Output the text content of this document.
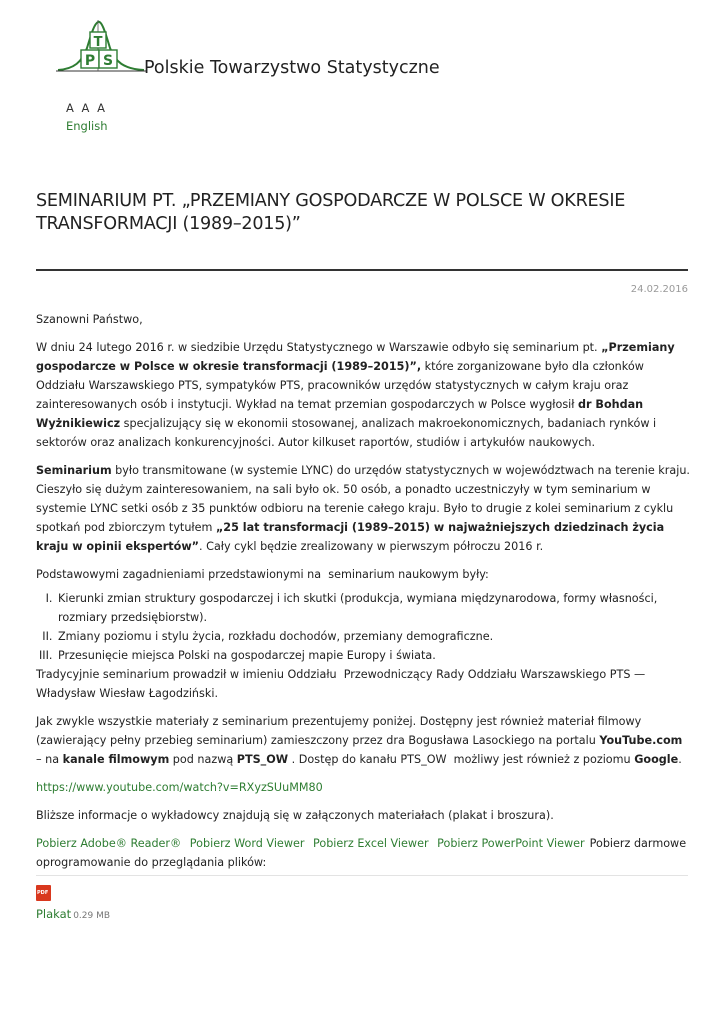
T
P S Polskie Towarzystwo Statystyczne
A A A
English
SEMINARIUM PT. „PRZEMIANY GOSPODARCZE W POLSCE W OKRESIE TRANSFORMACJI (1989–2015)”
24.02.2016

Szanowni Państwo,

W dniu 24 lutego 2016 r. w siedzibie Urzędu Statystycznego w Warszawie odbyło się seminarium pt. „Przemiany gospodarcze w Polsce w okresie transformacji (1989–2015)”, które zorganizowane było dla członków Oddziału Warszawskiego PTS, sympatyków PTS, pracowników urzędów statystycznych w całym kraju oraz zainteresowanych osób i instytucji. Wykład na temat przemian gospodarczych w Polsce wygłosił dr Bohdan Wyżnikiewicz specjalizujący się w ekonomii stosowanej, analizach makroekonomicznych, badaniach rynków i sektorów oraz analizach konkurencyjności. Autor kilkuset raportów, studiów i artykułów naukowych.

Seminarium było transmitowane (w systemie LYNC) do urzędów statystycznych w województwach na terenie kraju. Cieszyło się dużym zainteresowaniem, na sali było ok. 50 osób, a ponadto uczestniczyły w tym seminarium w systemie LYNC setki osób z 35 punktów odbioru na terenie całego kraju. Było to drugie z kolei seminarium z cyklu spotkań pod zbiorczym tytułem „25 lat transformacji (1989–2015) w najważniejszych dziedzinach życia kraju w opinii ekspertów”. Cały cykl będzie zrealizowany w pierwszym półroczu 2016 r.

Podstawowymi zagadnieniami przedstawionymi na  seminarium naukowym były:

I. Kierunki zmian struktury gospodarczej i ich skutki (produkcja, wymiana międzynarodowa, formy własności, rozmiary przedsiębiorstw).
II. Zmiany poziomu i stylu życia, rozkładu dochodów, przemiany demograficzne.
III. Przesunięcie miejsca Polski na gospodarczej mapie Europy i świata.

Tradycyjnie seminarium prowadził w imieniu Oddziału  Przewodniczący Rady Oddziału Warszawskiego PTS — Władysław Wiesław Łagodziński.

Jak zwykle wszystkie materiały z seminarium prezentujemy poniżej. Dostępny jest również materiał filmowy (zawierający pełny przebieg seminarium) zamieszczony przez dra Bogusława Lasockiego na portalu YouTube.com – na kanale filmowym pod nazwą PTS_OW . Dostęp do kanału PTS_OW  możliwy jest również z poziomu Google.

https://www.youtube.com/watch?v=RXyzSUuMM80

Bliższe informacje o wykładowcy znajdują się w załączonych materiałach (plakat i broszura).

Pobierz Adobe® Reader® Pobierz Word Viewer Pobierz Excel Viewer Pobierz PowerPoint Viewer Pobierz darmowe oprogramowanie do przeglądania plików:
PDF
Plakat 0.29 MB
